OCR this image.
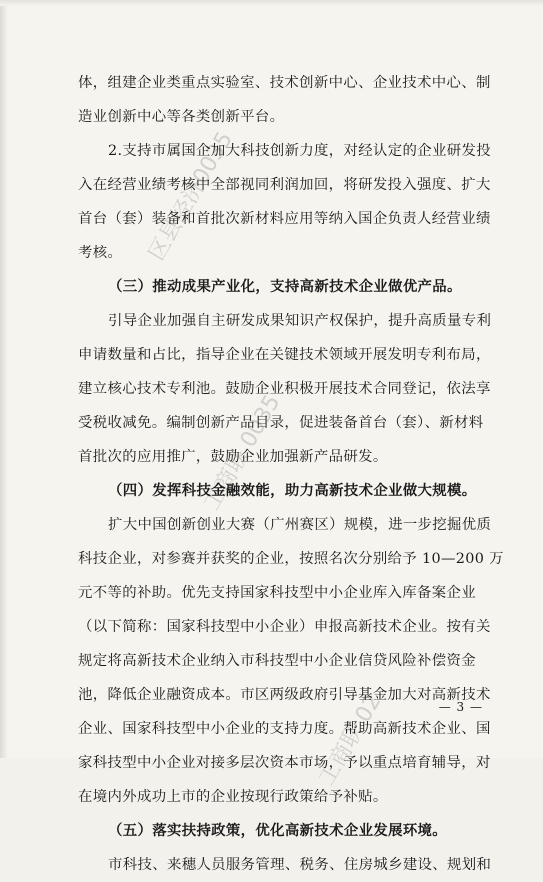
区县经济0035
工商联 0035
工商联 02
体，组建企业类重点实验室、技术创新中心、企业技术中心、制
造业创新中心等各类创新平台。
2.支持市属国企加大科技创新力度，对经认定的企业研发投
入在经营业绩考核中全部视同利润加回，将研发投入强度、扩大
首台（套）装备和首批次新材料应用等纳入国企负责人经营业绩
考核。
（三）推动成果产业化，支持高新技术企业做优产品。
引导企业加强自主研发成果知识产权保护，提升高质量专利
申请数量和占比，指导企业在关键技术领域开展发明专利布局，
建立核心技术专利池。鼓励企业积极开展技术合同登记，依法享
受税收减免。编制创新产品目录，促进装备首台（套）、新材料
首批次的应用推广，鼓励企业加强新产品研发。
（四）发挥科技金融效能，助力高新技术企业做大规模。
扩大中国创新创业大赛（广州赛区）规模，进一步挖掘优质
科技企业，对参赛并获奖的企业，按照名次分别给予 10—200 万
元不等的补助。优先支持国家科技型中小企业库入库备案企业
（以下简称：国家科技型中小企业）申报高新技术企业。按有关
规定将高新技术企业纳入市科技型中小企业信贷风险补偿资金
池，降低企业融资成本。市区两级政府引导基金加大对高新技术
企业、国家科技型中小企业的支持力度。帮助高新技术企业、国
家科技型中小企业对接多层次资本市场，予以重点培育辅导，对
在境内外成功上市的企业按现行政策给予补贴。
（五）落实扶持政策，优化高新技术企业发展环境。
市科技、来穗人员服务管理、税务、住房城乡建设、规划和
— 3 —
